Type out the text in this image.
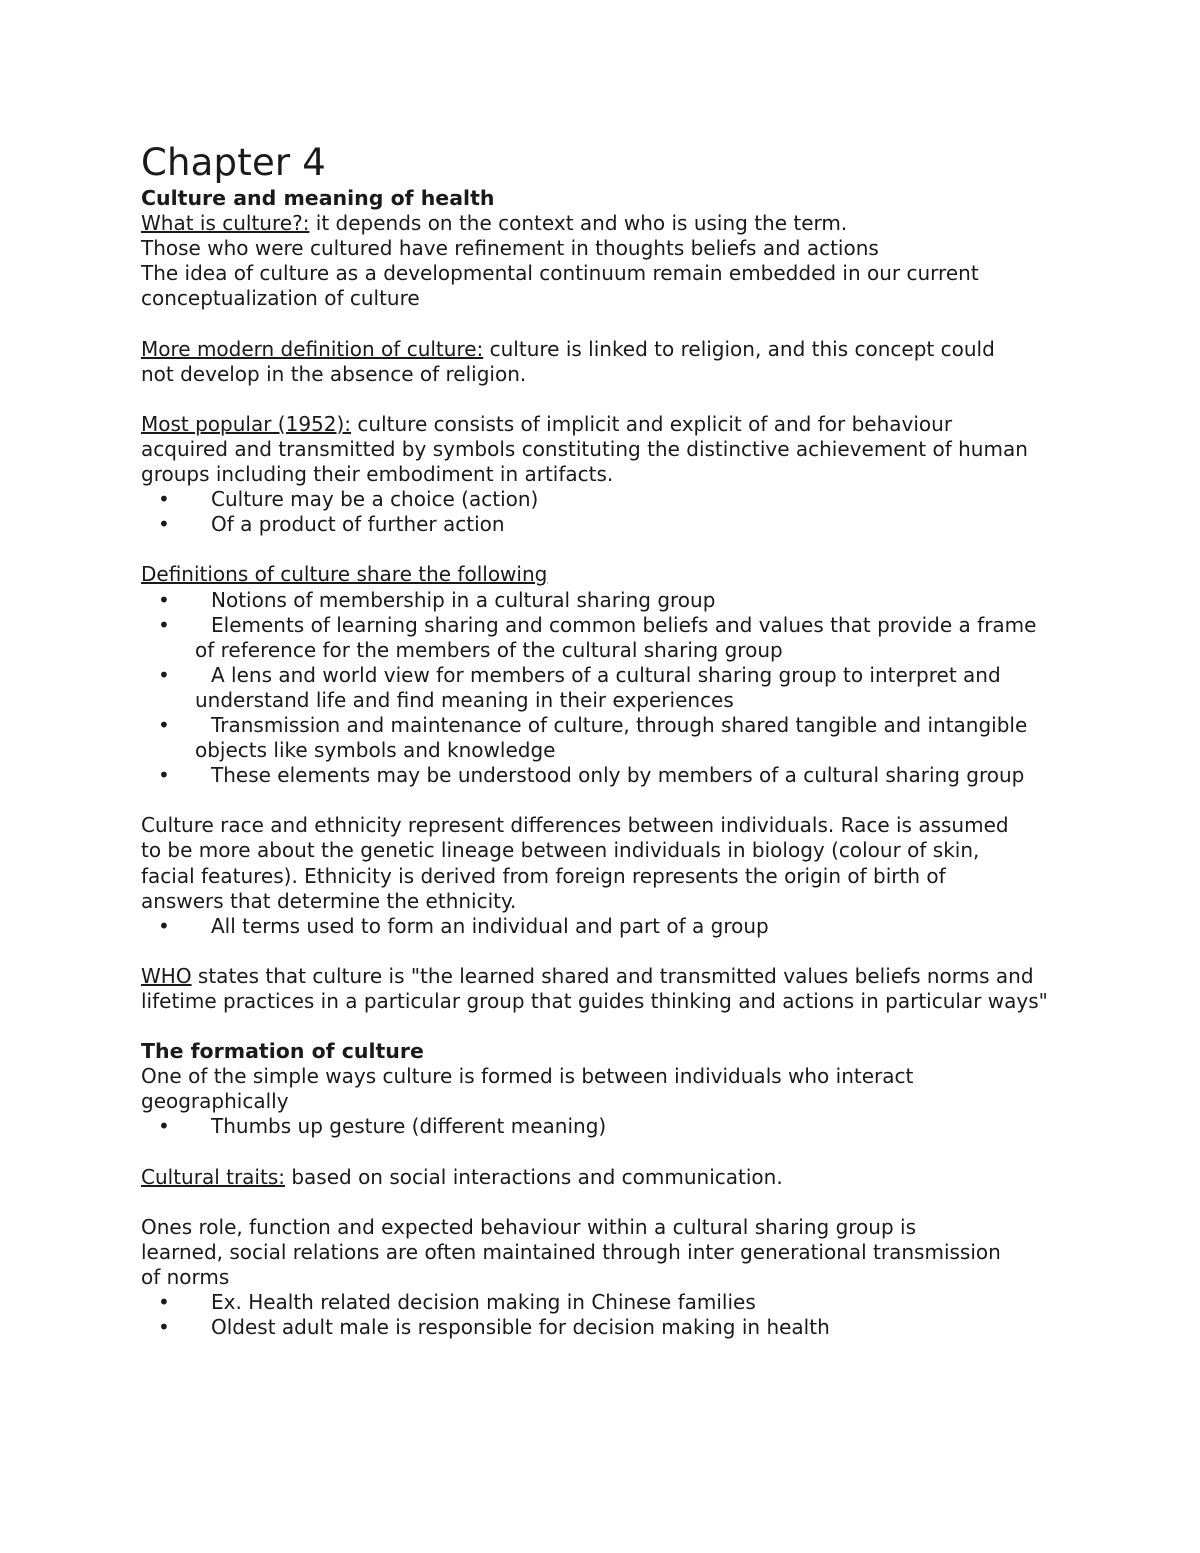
Chapter 4

Culture and meaning of health

What is culture?: it depends on the context and who is using the term.

Those who were cultured have refinement in thoughts beliefs and actions

The idea of culture as a developmental continuum remain embedded in our current conceptualization of culture

More modern definition of culture: culture is linked to religion, and this concept could not develop in the absence of religion.

Most popular (1952): culture consists of implicit and explicit of and for behaviour acquired and transmitted by symbols constituting the distinctive achievement of human groups including their embodiment in artifacts.

• Culture may be a choice (action)
• Of a product of further action

Definitions of culture share the following

•	Notions of membership in a cultural sharing group
•	Elements of learning sharing and common beliefs and values that provide a frame of reference for the members of the cultural sharing group
•	A lens and world view for members of a cultural sharing group to interpret and understand life and find meaning in their experiences
•	Transmission and maintenance of culture, through shared tangible and intangible objects like symbols and knowledge
•	These elements may be understood only by members of a cultural sharing group

Culture race and ethnicity represent differences between individuals. Race is assumed to be more about the genetic lineage between individuals in biology (colour of skin, facial features). Ethnicity is derived from foreign represents the origin of birth of answers that determine the ethnicity.

• All terms used to form an individual and part of a group

WHO states that culture is "the learned shared and transmitted values beliefs norms and lifetime practices in a particular group that guides thinking and actions in particular ways"

The formation of culture

One of the simple ways culture is formed is between individuals who interact geographically

• Thumbs up gesture (different meaning)

Cultural traits: based on social interactions and communication.

Ones role, function and expected behaviour within a cultural sharing group is learned, social relations are often maintained through inter generational transmission of norms

• Ex. Health related decision making in Chinese families
• Oldest adult male is responsible for decision making in health
